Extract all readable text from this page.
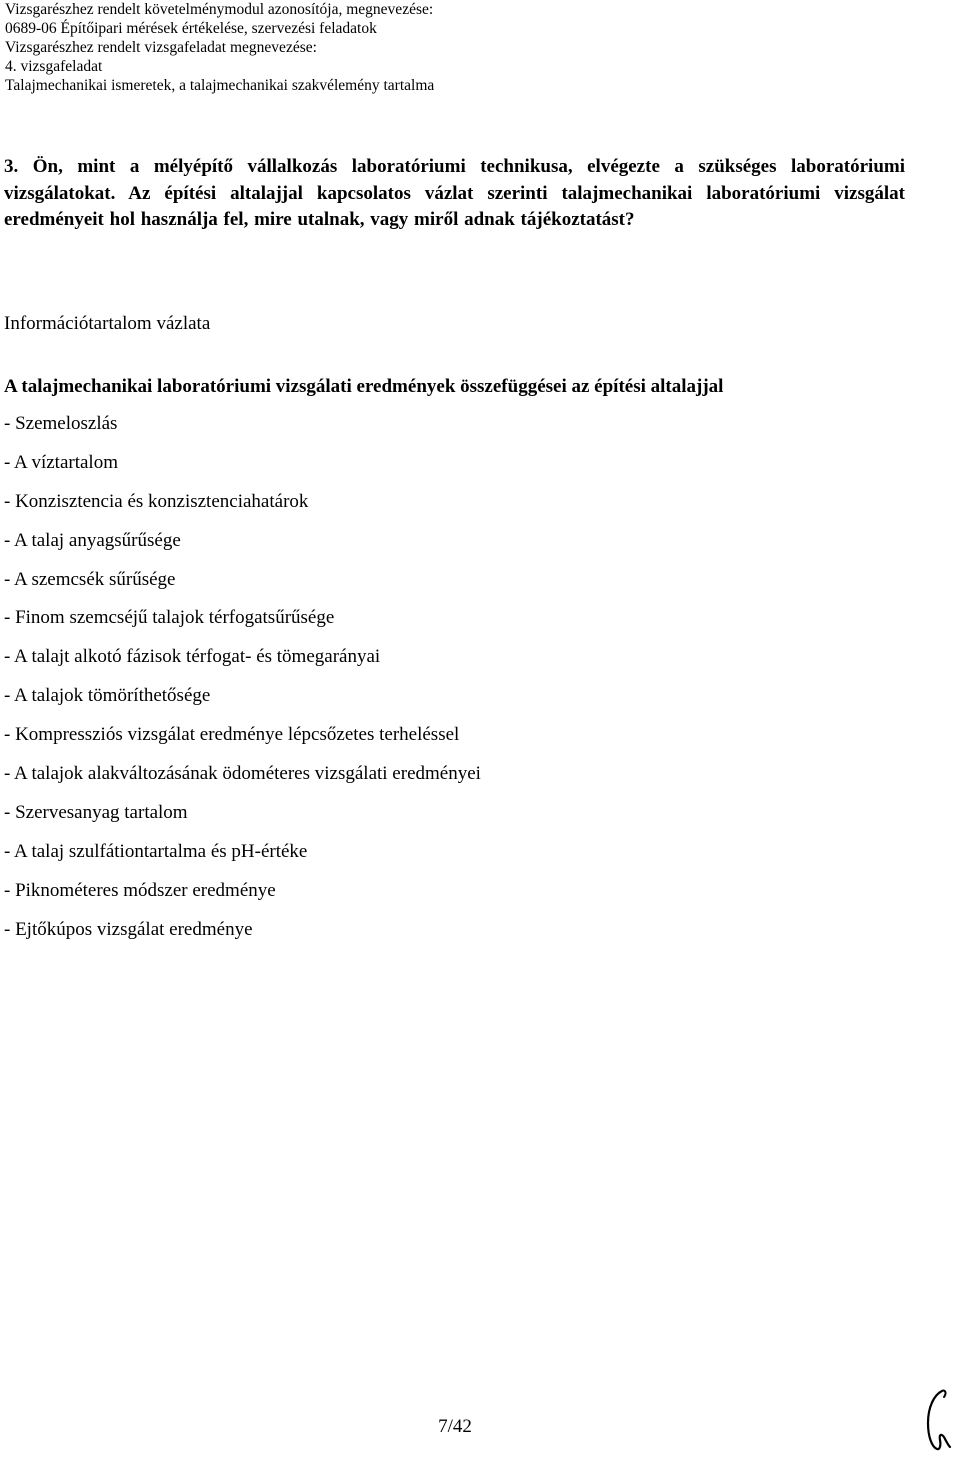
Vizsgarészhez rendelt követelménymodul azonosítója, megnevezése:
0689-06 Építőipari mérések értékelése, szervezési feladatok
Vizsgarészhez rendelt vizsgafeladat megnevezése:
4. vizsgafeladat
Talajmechanikai ismeretek, a talajmechanikai szakvélemény tartalma
3. Ön, mint a mélyépítő vállalkozás laboratóriumi technikusa, elvégezte a szükséges laboratóriumi vizsgálatokat. Az építési altalajjal kapcsolatos vázlat szerinti talajmechanikai laboratóriumi vizsgálat eredményeit hol használja fel, mire utalnak, vagy miről adnak tájékoztatást?
Információtartalom vázlata
A talajmechanikai laboratóriumi vizsgálati eredmények összefüggései az építési altalajjal
- Szemeloszlás
- A víztartalom
- Konzisztencia és konzisztenciahatárok
- A talaj anyagsűrűsége
- A szemcsék sűrűsége
- Finom szemcséjű talajok térfogatsűrűsége
- A talajt alkotó fázisok térfogat- és tömegarányai
- A talajok tömöríthetősége
- Kompressziós vizsgálat eredménye lépcsőzetes terheléssel
- A talajok alakváltozásának ödométeres vizsgálati eredményei
- Szervesanyag tartalom
- A talaj szulfátiontartalma és pH-értéke
- Piknométeres módszer eredménye
- Ejtőkúpos vizsgálat eredménye
7/42
